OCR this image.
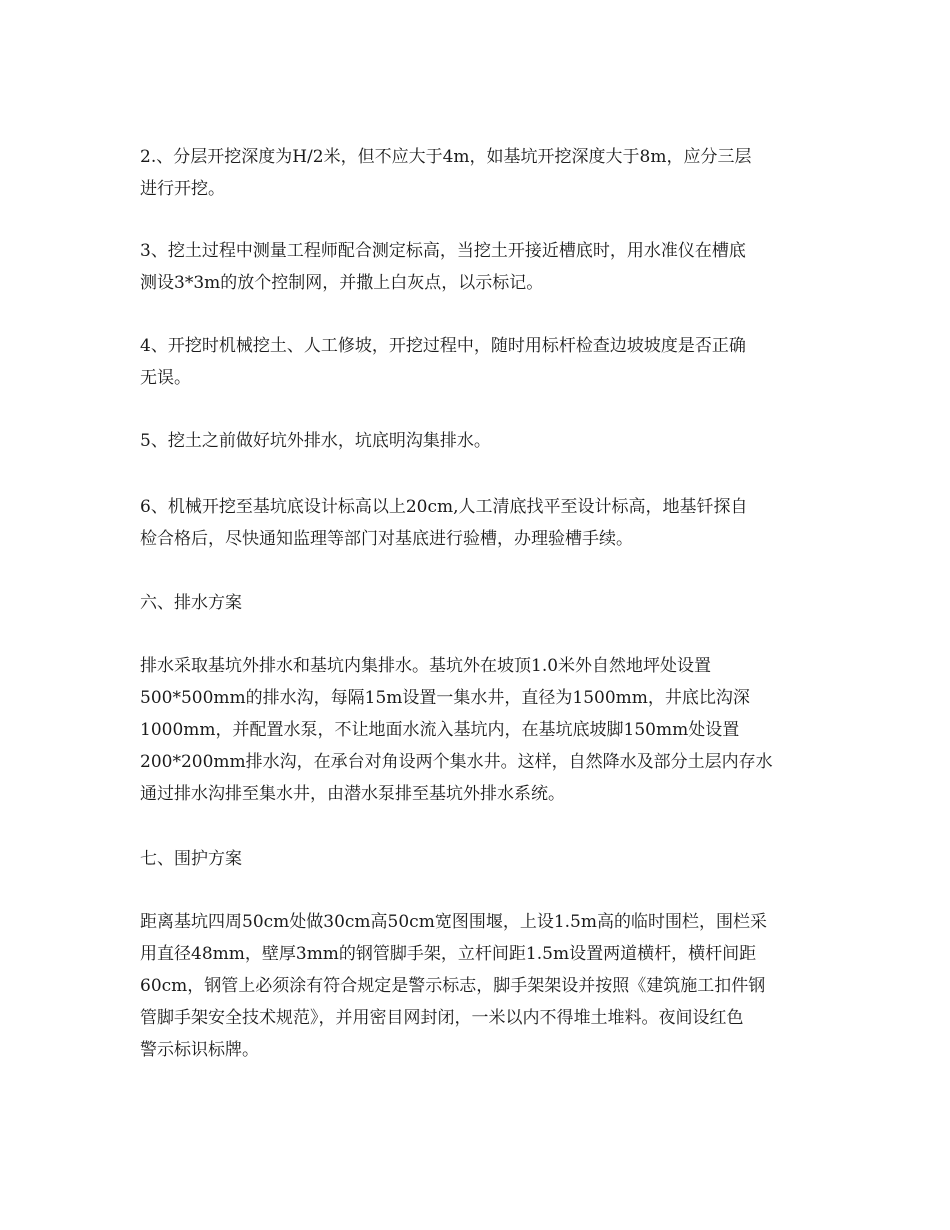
2.、分层开挖深度为H/2米，但不应大于4m，如基坑开挖深度大于8m，应分三层
进行开挖。

3、挖土过程中测量工程师配合测定标高，当挖土开接近槽底时，用水准仪在槽底
测设3*3m的放个控制网，并撒上白灰点，以示标记。

4、开挖时机械挖土、人工修坡，开挖过程中，随时用标杆检查边坡坡度是否正确
无误。

5、挖土之前做好坑外排水，坑底明沟集排水。

6、机械开挖至基坑底设计标高以上20cm,人工清底找平至设计标高，地基钎探自
检合格后，尽快通知监理等部门对基底进行验槽，办理验槽手续。

六、排水方案

排水采取基坑外排水和基坑内集排水。基坑外在坡顶1.0米外自然地坪处设置
500*500mm的排水沟，每隔15m设置一集水井，直径为1500mm，井底比沟深
1000mm，并配置水泵，不让地面水流入基坑内，在基坑底坡脚150mm处设置
200*200mm排水沟，在承台对角设两个集水井。这样，自然降水及部分土层内存水
通过排水沟排至集水井，由潜水泵排至基坑外排水系统。

七、围护方案

距离基坑四周50cm处做30cm高50cm宽图围堰，上设1.5m高的临时围栏，围栏采
用直径48mm，壁厚3mm的钢管脚手架，立杆间距1.5m设置两道横杆，横杆间距
60cm，钢管上必须涂有符合规定是警示标志，脚手架架设并按照《建筑施工扣件钢
管脚手架安全技术规范》，并用密目网封闭，一米以内不得堆土堆料。夜间设红色
警示标识标牌。
